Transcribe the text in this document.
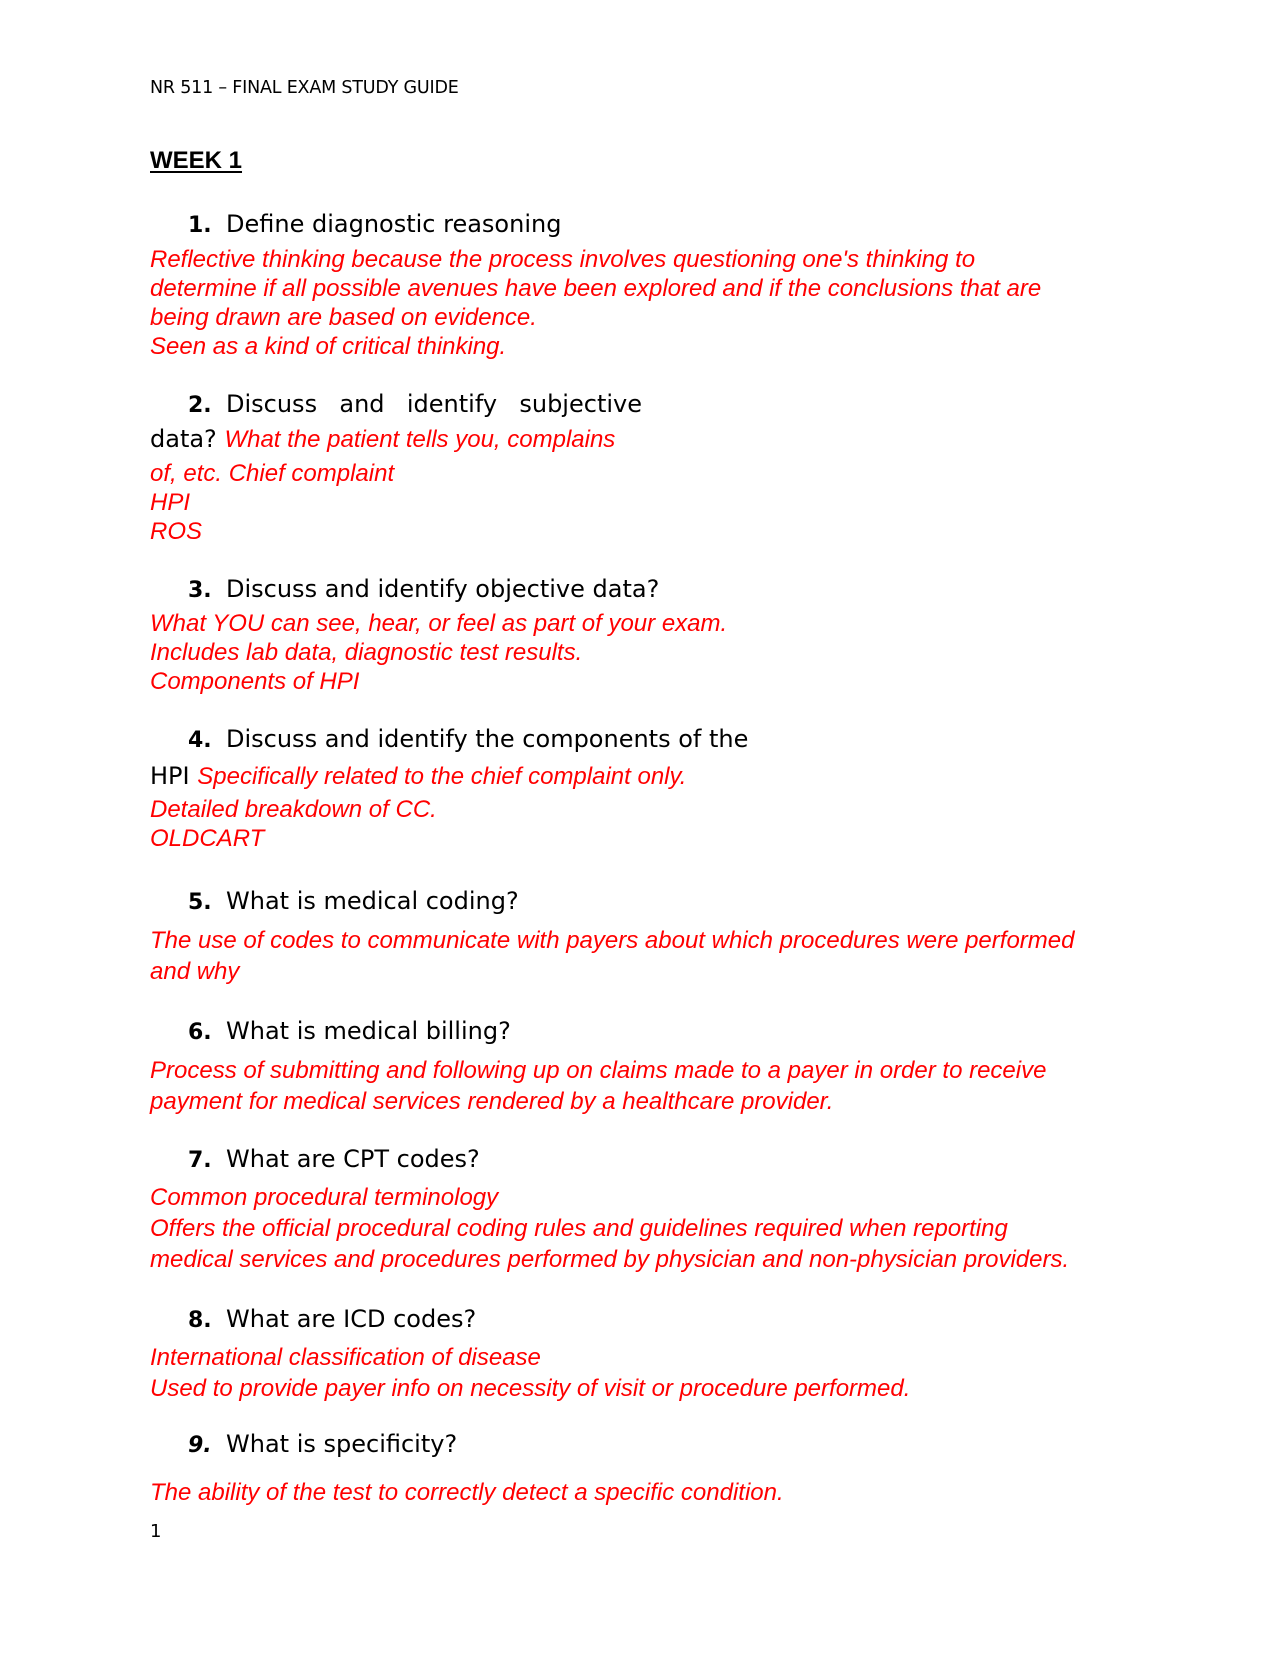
NR 511 – FINAL EXAM STUDY GUIDE
WEEK 1
1. Define diagnostic reasoning
Reflective thinking because the process involves questioning one's thinking to
determine if all possible avenues have been explored and if the conclusions that are
being drawn are based on evidence.
Seen as a kind of critical thinking.
2. Discuss and identify subjective
data? What the patient tells you, complains
of, etc. Chief complaint
HPI
ROS
3. Discuss and identify objective data?
What YOU can see, hear, or feel as part of your exam.
Includes lab data, diagnostic test results.
Components of HPI
4. Discuss and identify the components of the
HPI Specifically related to the chief complaint only.
Detailed breakdown of CC.
OLDCART
5. What is medical coding?
The use of codes to communicate with payers about which procedures were performed
and why
6. What is medical billing?
Process of submitting and following up on claims made to a payer in order to receive
payment for medical services rendered by a healthcare provider.
7. What are CPT codes?
Common procedural terminology
Offers the official procedural coding rules and guidelines required when reporting
medical services and procedures performed by physician and non-physician providers.
8. What are ICD codes?
International classification of disease
Used to provide payer info on necessity of visit or procedure performed.
9. What is specificity?
The ability of the test to correctly detect a specific condition.
1
